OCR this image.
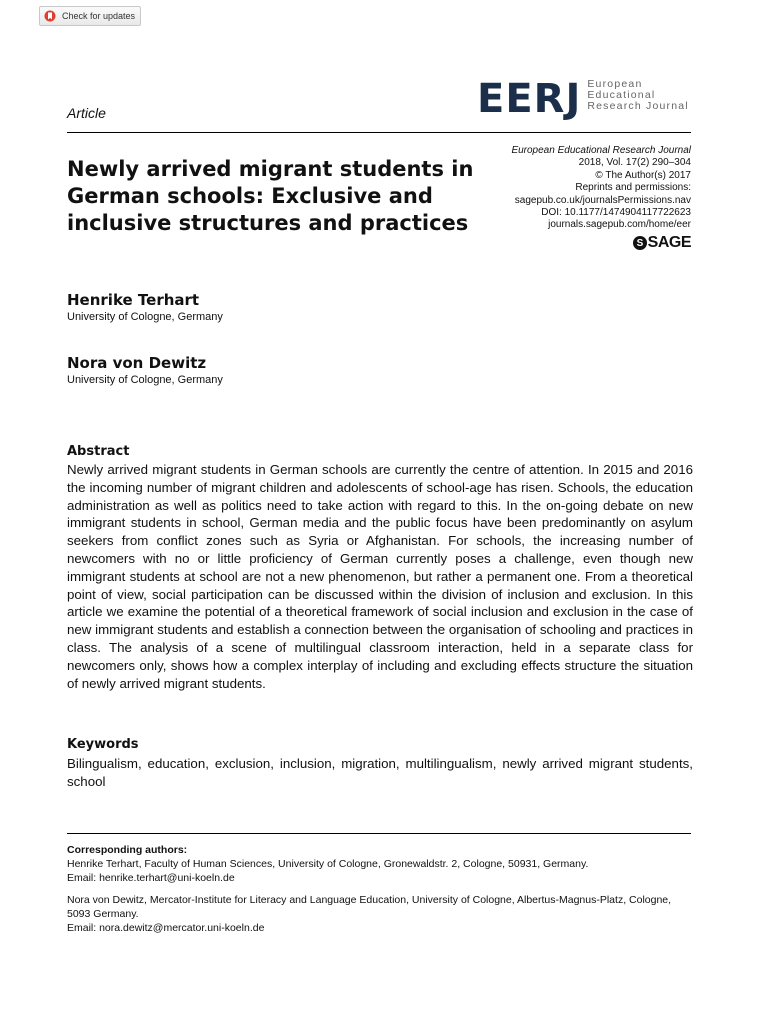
Check for updates
Article	EERJ European
Educational
Research Journal
European Educational Research Journal
2018, Vol. 17(2) 290–304
© The Author(s) 2017
Reprints and permissions:
sagepub.co.uk/journalsPermissions.nav
DOI: 10.1177/1474904117722623
journals.sagepub.com/home/eer
S SAGE
Newly arrived migrant students in German schools: Exclusive and inclusive structures and practices
Henrike Terhart
University of Cologne, Germany
Nora von Dewitz
University of Cologne, Germany
Abstract
Newly arrived migrant students in German schools are currently the centre of attention. In 2015 and 2016 the incoming number of migrant children and adolescents of school-age has risen. Schools, the education administration as well as politics need to take action with regard to this. In the on-going debate on new immigrant students in school, German media and the public focus have been predominantly on asylum seekers from conflict zones such as Syria or Afghanistan. For schools, the increasing number of newcomers with no or little proficiency of German currently poses a challenge, even though new immigrant students at school are not a new phenomenon, but rather a permanent one. From a theoretical point of view, social participation can be discussed within the division of inclusion and exclusion. In this article we examine the potential of a theoretical framework of social inclusion and exclusion in the case of new immigrant students and establish a connection between the organisation of schooling and practices in class. The analysis of a scene of multilingual classroom interaction, held in a separate class for newcomers only, shows how a complex interplay of including and excluding effects structure the situation of newly arrived migrant students.
Keywords
Bilingualism, education, exclusion, inclusion, migration, multilingualism, newly arrived migrant students, school
Corresponding authors:
Henrike Terhart, Faculty of Human Sciences, University of Cologne, Gronewaldstr. 2, Cologne, 50931, Germany.
Email: henrike.terhart@uni-koeln.de
Nora von Dewitz, Mercator-Institute for Literacy and Language Education, University of Cologne, Albertus-Magnus-Platz, Cologne, 5093 Germany.
Email: nora.dewitz@mercator.uni-koeln.de
